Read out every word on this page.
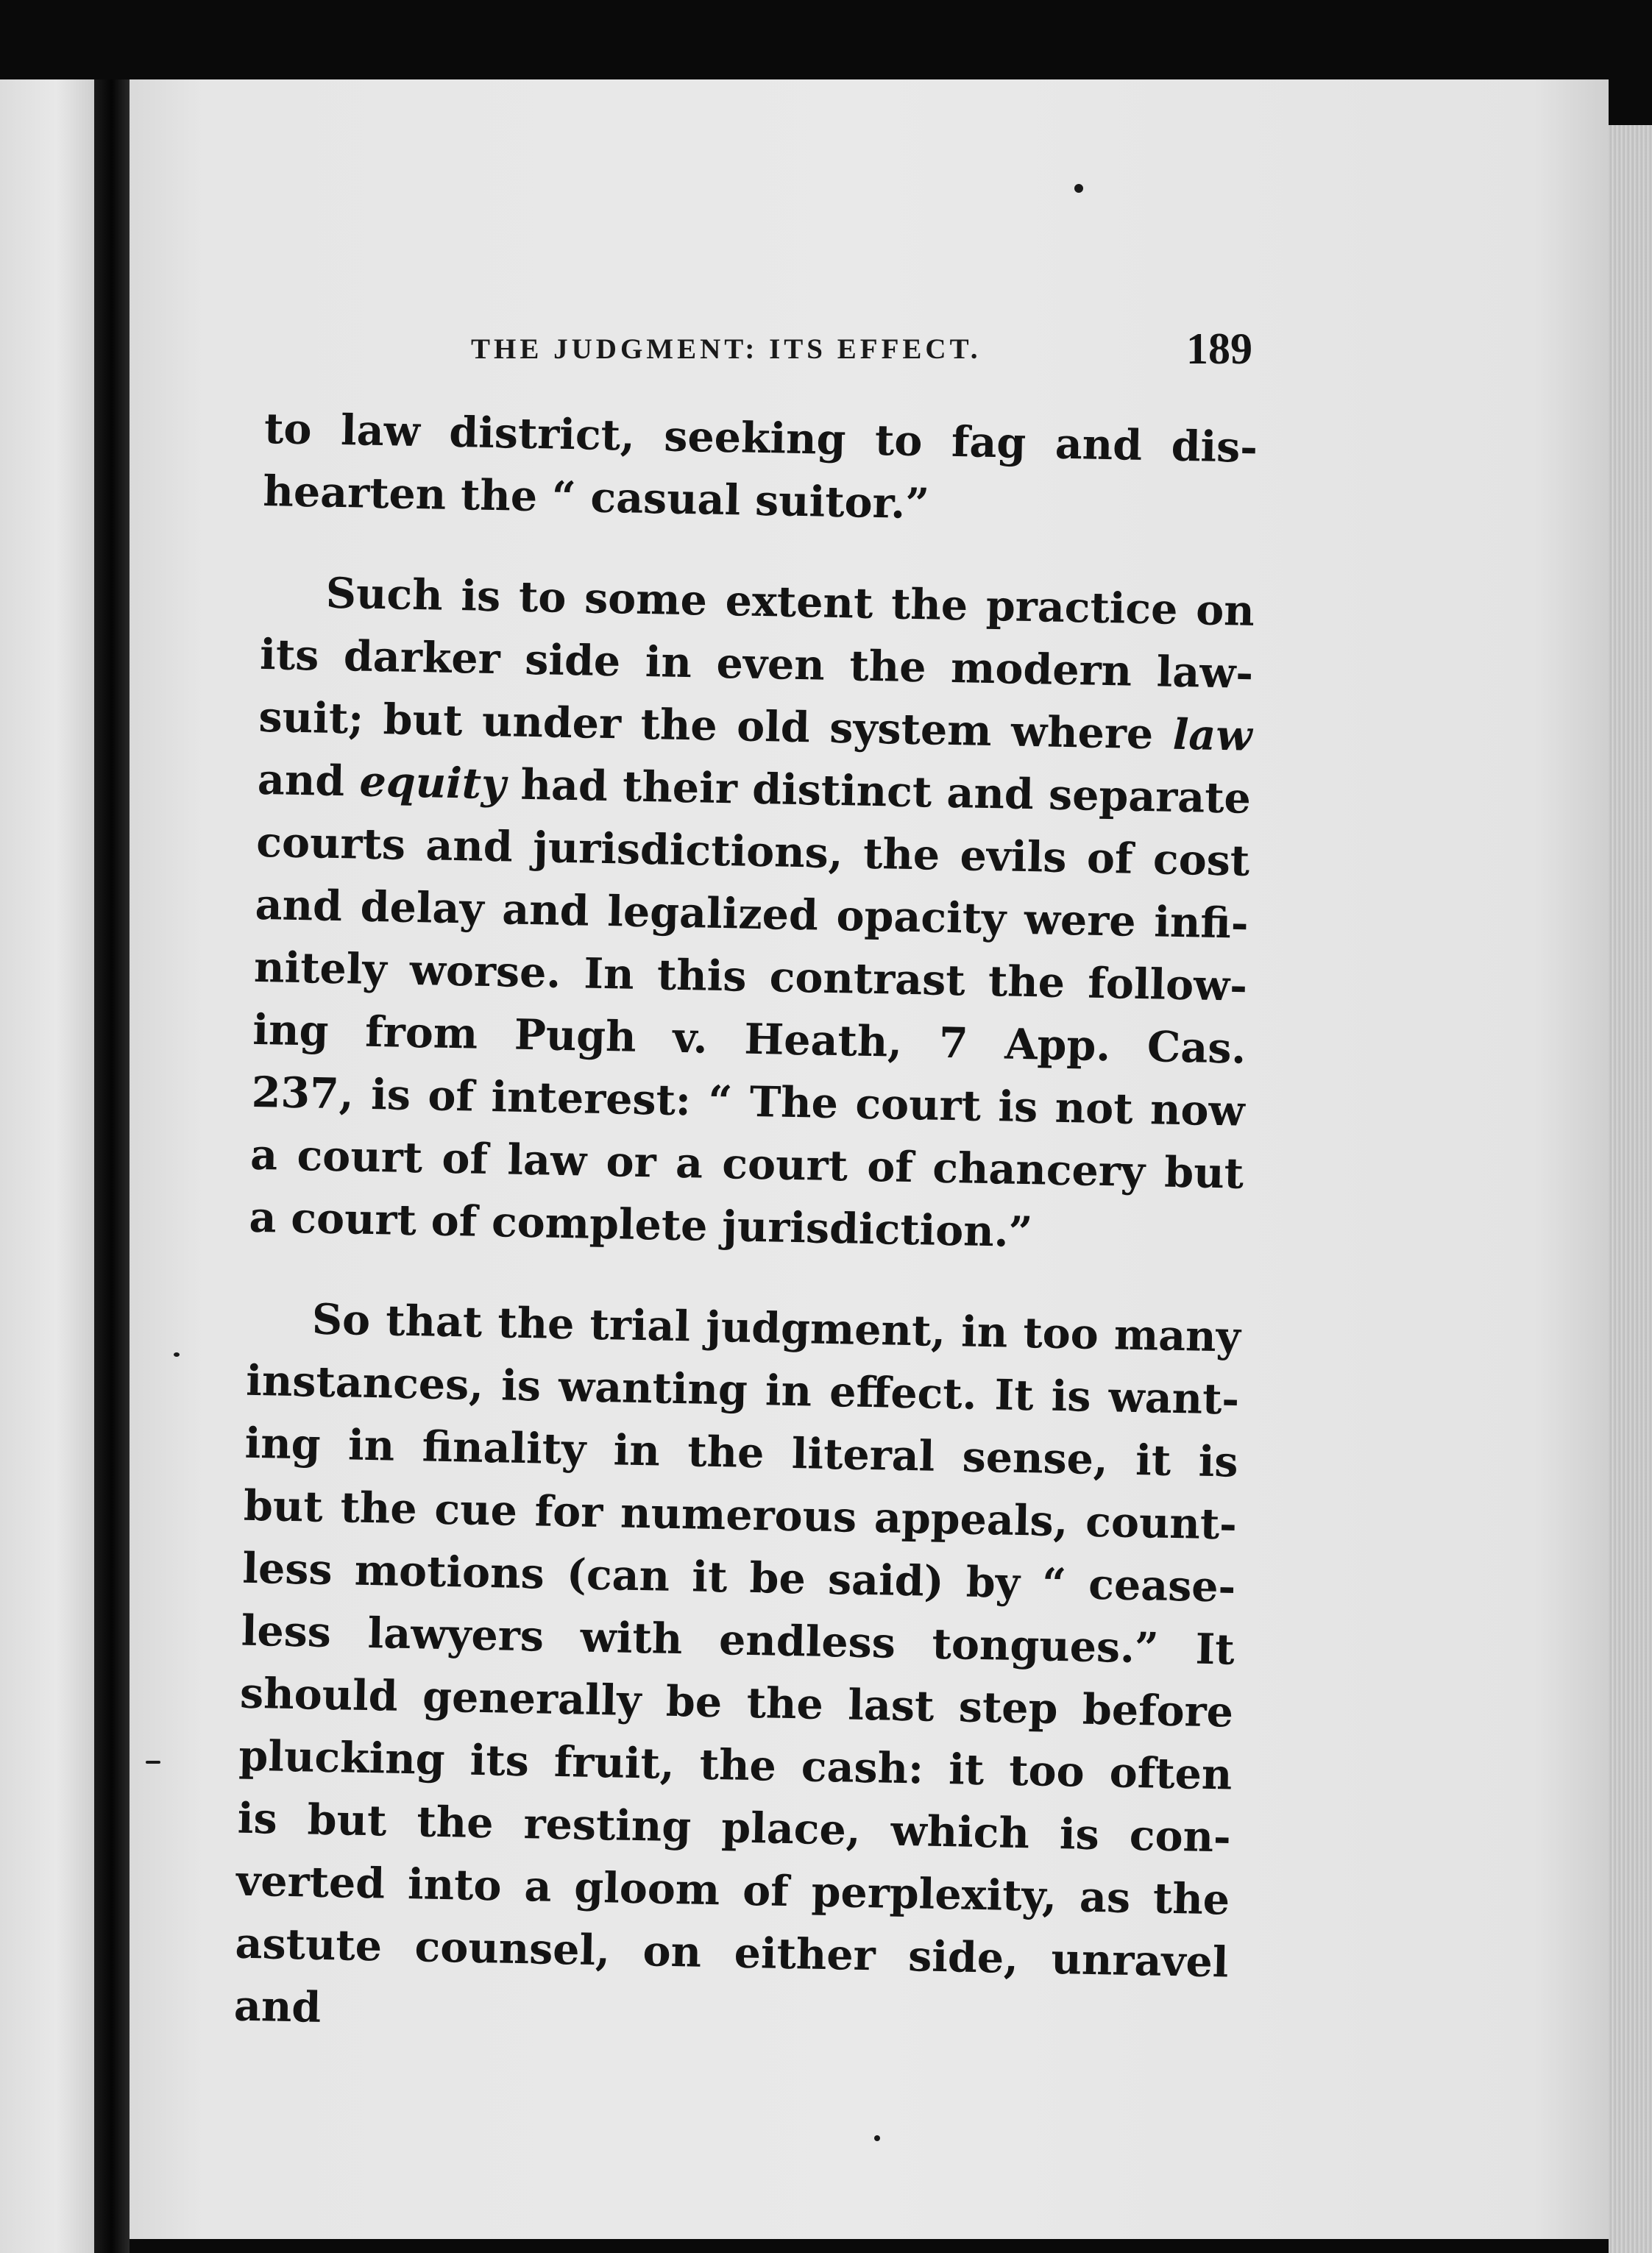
THE JUDGMENT: ITS EFFECT.	189
to law district, seeking to fag and dis-
hearten the “ casual suitor.”
Such is to some extent the practice on
its darker side in even the modern law-
suit; but under the old system where law
and equity had their distinct and separate
courts and jurisdictions, the evils of cost
and delay and legalized opacity were infi-
nitely worse. In this contrast the follow-
ing from Pugh v. Heath, 7 App. Cas.
237, is of interest: “ The court is not now
a court of law or a court of chancery but
a court of complete jurisdiction.”
So that the trial judgment, in too many
instances, is wanting in effect. It is want-
ing in finality in the literal sense, it is
but the cue for numerous appeals, count-
less motions (can it be said) by “ cease-
less lawyers with endless tongues.” It
should generally be the last step before
plucking its fruit, the cash: it too often
is but the resting place, which is con-
verted into a gloom of perplexity, as the
astute counsel, on either side, unravel and
